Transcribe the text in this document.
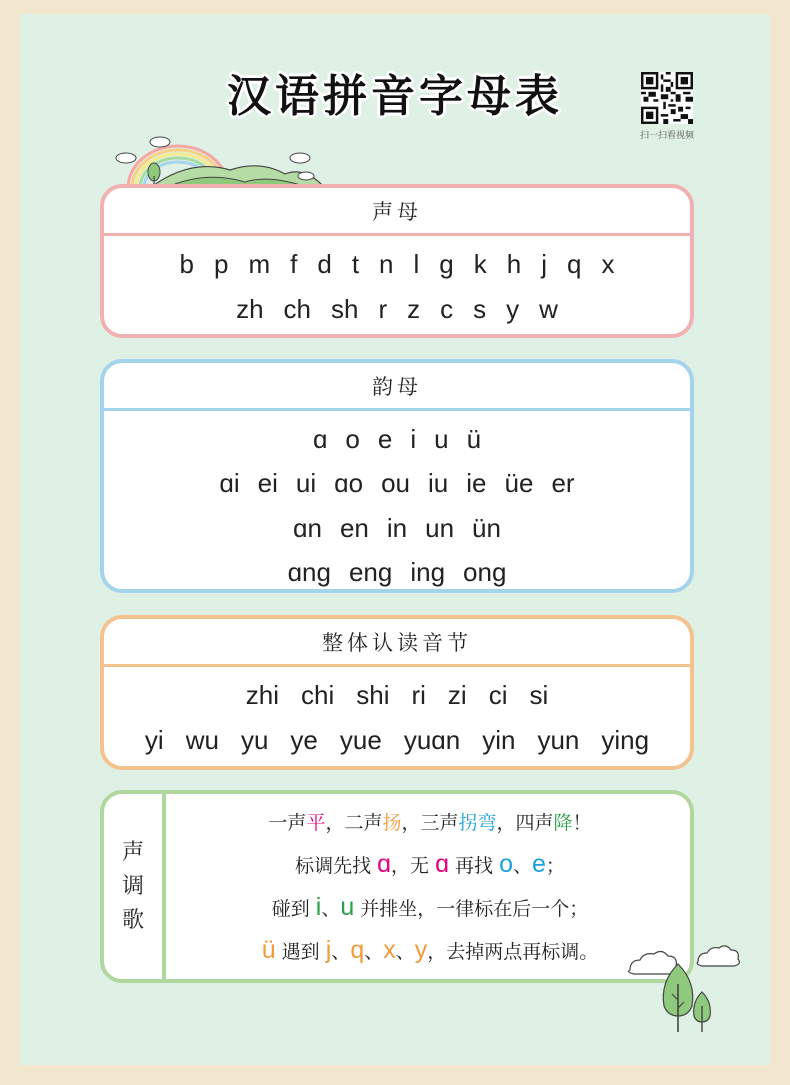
汉语拼音字母表
扫一扫看视频
声母
b p m f d t n l g k h j q x
zh ch sh r z c s y w
韵母
ɑ o e i u ü
ɑi ei ui ɑo ou iu ie üe er
ɑn en in un ün
ɑng eng ing ong
整体认读音节
zhi chi shi ri zi ci si
yi wu yu ye yue yuɑn yin yun ying
声
调
歌
一声 平 ，二声 扬 ，三声 拐弯 ，四声 降 ！
标调先找 ɑ ，无 ɑ 再找 o 、 e ；
碰到 i 、 u 并排坐，一律标在后一个；
ü 遇到 j 、 q 、 x 、 y ，去掉两点再标调。
